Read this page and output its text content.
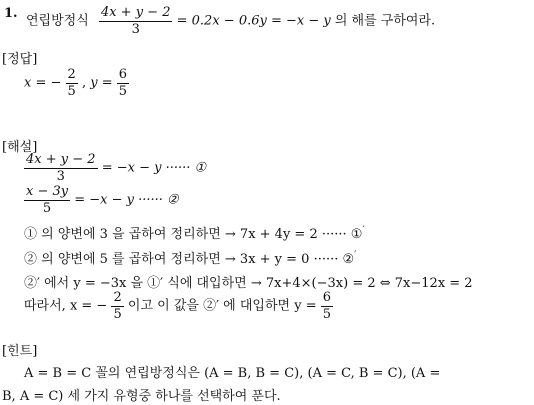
1.
연립방정식 $\frac{4x + y - 2}{3} = 0.2x - 0.6y = -x - y$ 의 해를 구하여라.
[정답]
x = − $\frac{2}{5}$ , $y = \frac{6}{5}$
[해설]
$\frac{4x + y - 2}{3} = -x - y$ ······ ①
$\frac{x - 3y}{5} = -x - y$ ······ ②
① 의 양변에 3 을 곱하여 정리하면 → 7x + 4y = 2 ······ ①′
② 의 양변에 5 를 곱하여 정리하면 → 3x + y = 0 ······ ②′
②′ 에서 y = −3x 을 ①′ 식에 대입하면 → 7x+4×(−3x) = 2 ⇔ 7x−12x = 2
따라서, x = − $\frac{2}{5}$ 이고 이 값을 ②′ 에 대입하면 $y = \frac{6}{5}$
[힌트]
A = B = C 꼴의 연립방정식은 (A = B, B = C), (A = C, B = C), (A =
B, A = C) 세 가지 유형중 하나를 선택하여 푼다.
